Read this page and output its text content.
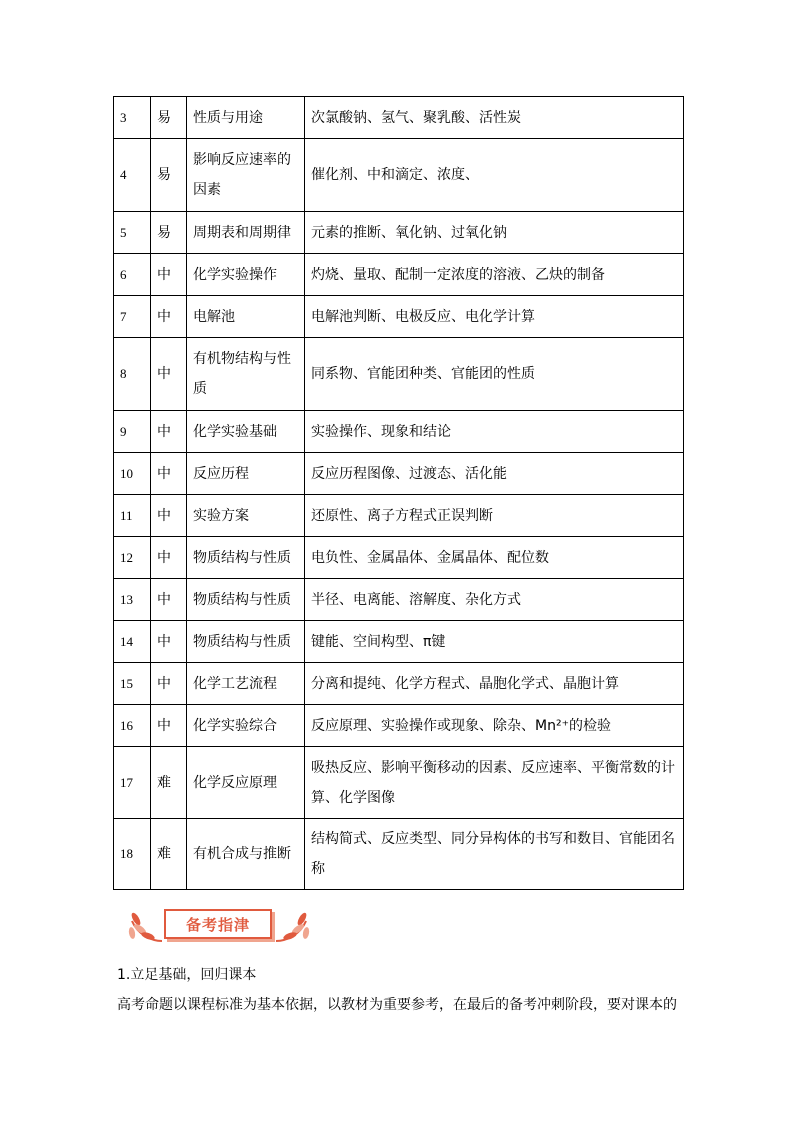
3	易	性质与用途	次氯酸钠、氢气、聚乳酸、活性炭
4	易	影响反应速率的因素	催化剂、中和滴定、浓度、
5	易	周期表和周期律	元素的推断、氧化钠、过氧化钠
6	中	化学实验操作	灼烧、量取、配制一定浓度的溶液、乙炔的制备
7	中	电解池	电解池判断、电极反应、电化学计算
8	中	有机物结构与性质	同系物、官能团种类、官能团的性质
9	中	化学实验基础	实验操作、现象和结论
10	中	反应历程	反应历程图像、过渡态、活化能
11	中	实验方案	还原性、离子方程式正误判断
12	中	物质结构与性质	电负性、金属晶体、金属晶体、配位数
13	中	物质结构与性质	半径、电离能、溶解度、杂化方式
14	中	物质结构与性质	键能、空间构型、π键
15	中	化学工艺流程	分离和提纯、化学方程式、晶胞化学式、晶胞计算
16	中	化学实验综合	反应原理、实验操作或现象、除杂、Mn²⁺的检验
17	难	化学反应原理	吸热反应、影响平衡移动的因素、反应速率、平衡常数的计算、化学图像
18	难	有机合成与推断	结构简式、反应类型、同分异构体的书写和数目、官能团名称
备考指津
1.立足基础，回归课本
高考命题以课程标准为基本依据，以教材为重要参考，在最后的备考冲刺阶段，要对课本的
